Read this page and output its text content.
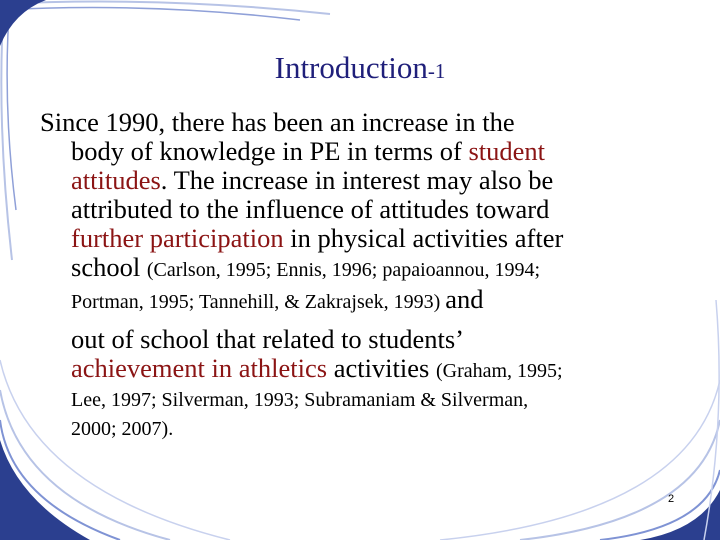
Introduction-1
Since 1990, there has been an increase in the
body of knowledge in PE in terms of student
attitudes. The increase in interest may also be
attributed to the influence of attitudes toward
further participation in physical activities after
school (Carlson, 1995; Ennis, 1996; papaioannou, 1994;
Portman, 1995; Tannehill, & Zakrajsek, 1993) and
out of school that related to students’
achievement in athletics activities (Graham, 1995;
Lee, 1997; Silverman, 1993; Subramaniam & Silverman,
2000; 2007).
2
